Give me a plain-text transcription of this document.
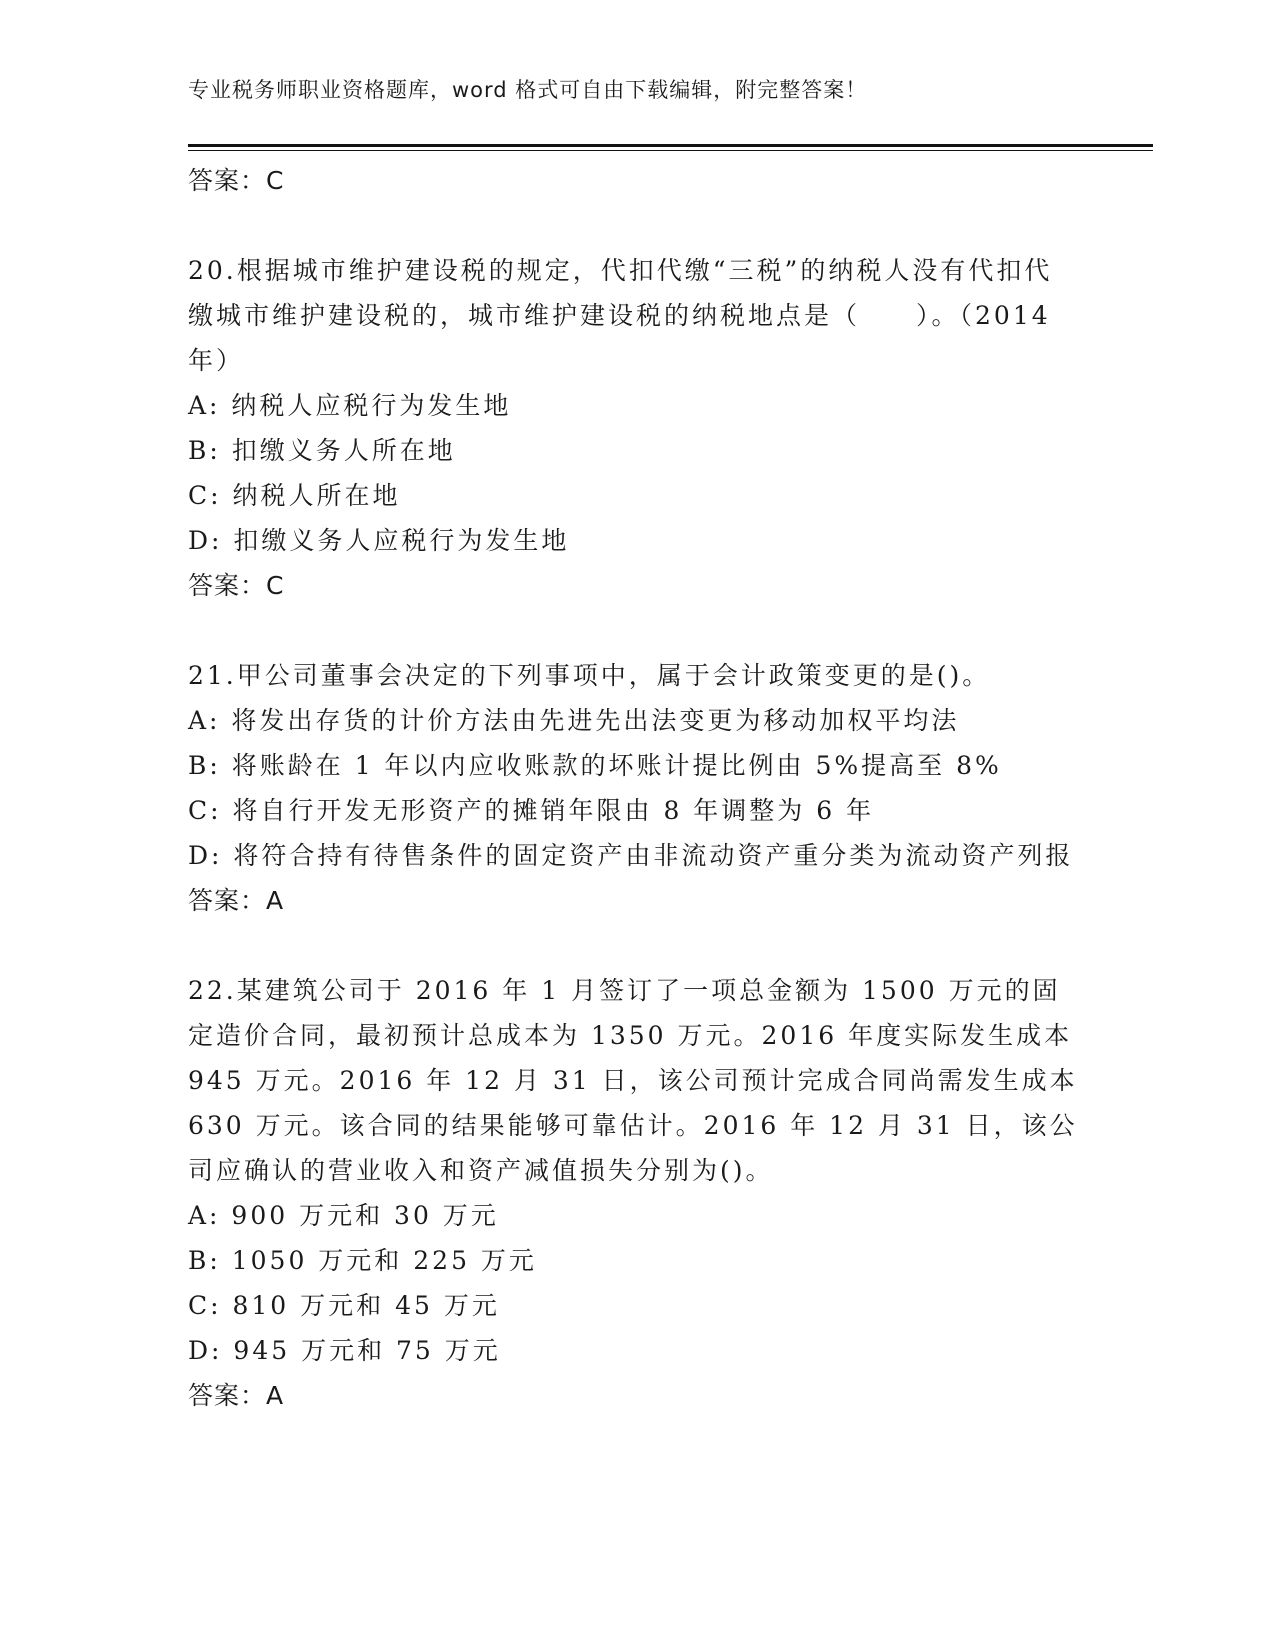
专业税务师职业资格题库，word 格式可自由下载编辑，附完整答案！
答案：C
20.根据城市维护建设税的规定，代扣代缴“三税”的纳税人没有代扣代缴城市维护建设税的，城市维护建设税的纳税地点是（　　）。（2014 年）
A: 纳税人应税行为发生地
B: 扣缴义务人所在地
C: 纳税人所在地
D: 扣缴义务人应税行为发生地
答案：C
21.甲公司董事会决定的下列事项中，属于会计政策变更的是()。
A: 将发出存货的计价方法由先进先出法变更为移动加权平均法
B: 将账龄在 1 年以内应收账款的坏账计提比例由 5%提高至 8%
C: 将自行开发无形资产的摊销年限由 8 年调整为 6 年
D: 将符合持有待售条件的固定资产由非流动资产重分类为流动资产列报
答案：A
22.某建筑公司于 2016 年 1 月签订了一项总金额为 1500 万元的固定造价合同，最初预计总成本为 1350 万元。2016 年度实际发生成本 945 万元。2016 年 12 月 31 日，该公司预计完成合同尚需发生成本 630 万元。该合同的结果能够可靠估计。2016 年 12 月 31 日，该公司应确认的营业收入和资产减值损失分别为()。
A: 900 万元和 30 万元
B: 1050 万元和 225 万元
C: 810 万元和 45 万元
D: 945 万元和 75 万元
答案：A
